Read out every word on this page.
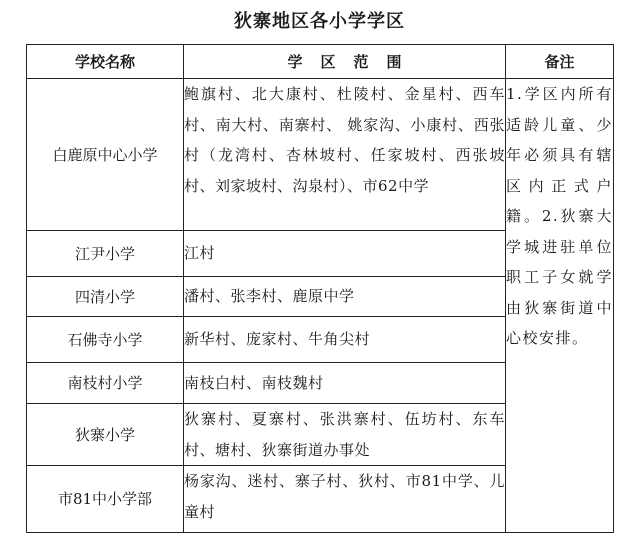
狄寨地区各小学学区
学校名称	学区范围	备注
白鹿原中心小学	鲍旗村、北大康村、杜陵村、金星村、西车村、南大村、南寨村、 姚家沟、小康村、西张村（龙湾村、杏林坡村、任家坡村、西张坡村、刘家坡村、沟泉村）、市62中学	1.学区内所有适龄儿童、少年必须具有辖区内正式户籍。2.狄寨大学城进驻单位职工子女就学由狄寨街道中心校安排。
江尹小学	江村	
四清小学	潘村、张李村、鹿原中学	
石佛寺小学	新华村、庞家村、牛角尖村	
南枝村小学	南枝白村、南枝魏村	
狄寨小学	狄寨村、夏寨村、张洪寨村、伍坊村、东车村、塘村、狄寨街道办事处	
市81中小学部	杨家沟、迷村、寨子村、狄村、市81中学、儿童村	
